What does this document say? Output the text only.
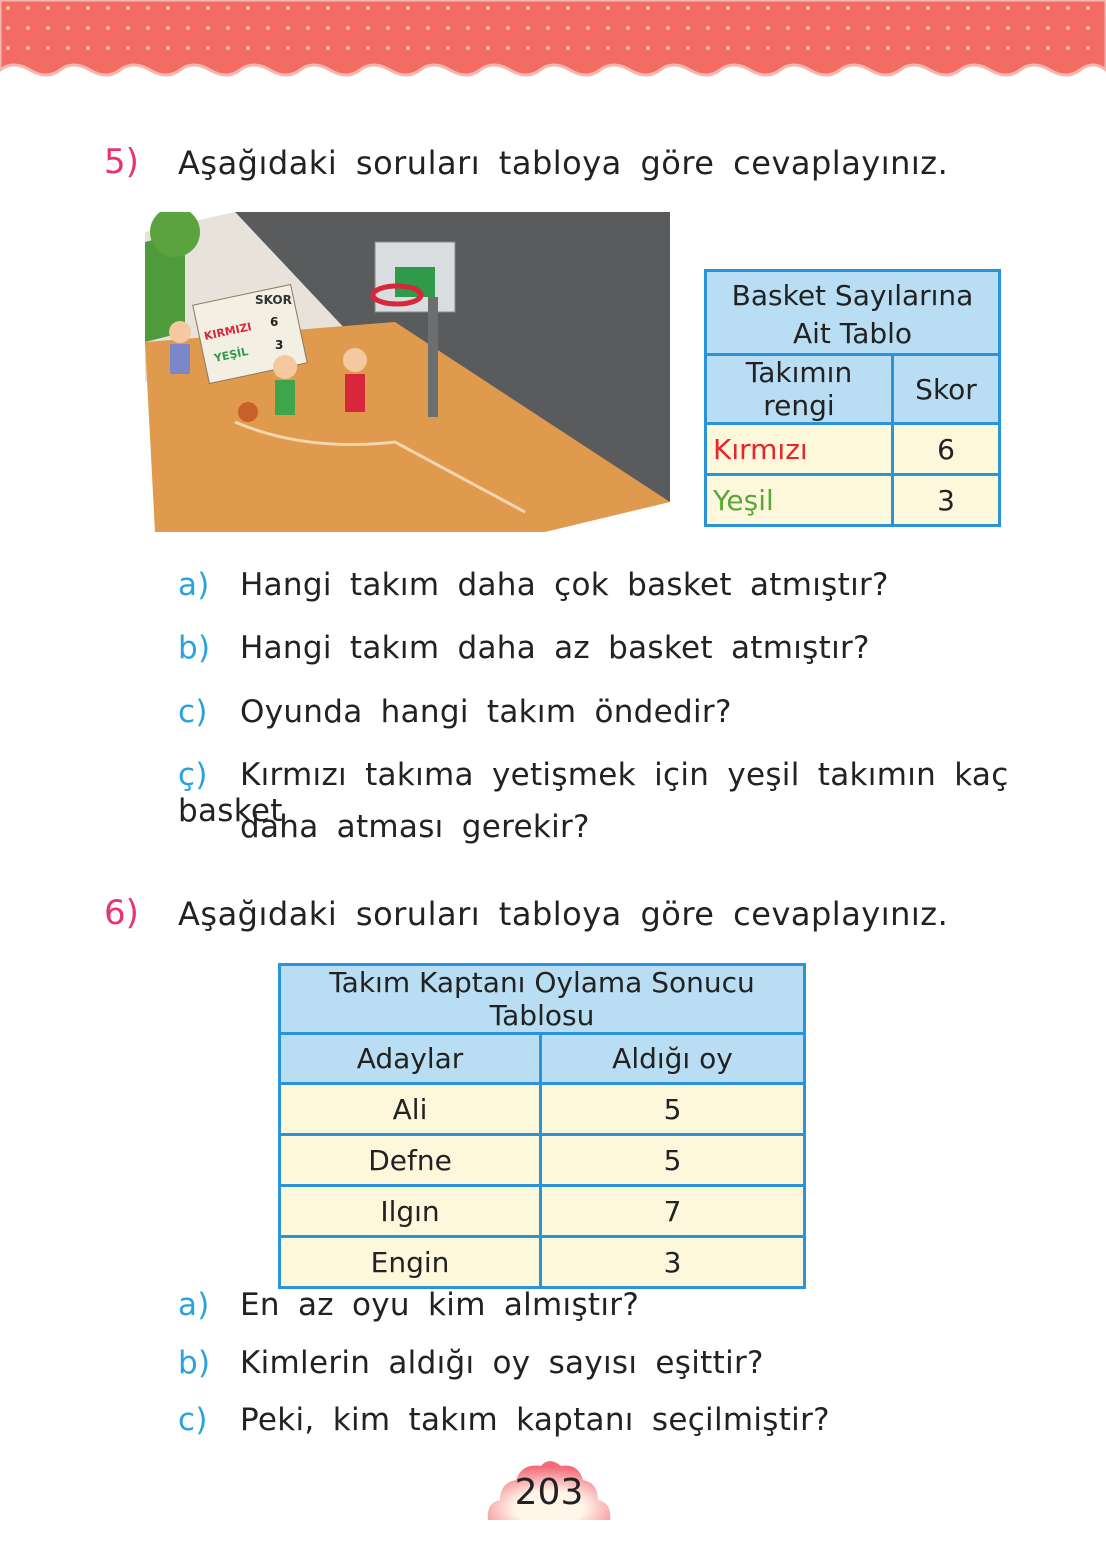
5) Aşağıdaki soruları tabloya göre cevaplayınız.
SKOR
KIRMIZI 6
YEŞİL
3
Basket Sayılarına
Ait Tablo	

Takımın rengi	Skor
Kırmızı	6
Yeşil	3
a) Hangi takım daha çok basket atmıştır?
b) Hangi takım daha az basket atmıştır?
c) Oyunda hangi takım öndedir?
ç) Kırmızı takıma yetişmek için yeşil takımın kaç basket
daha atması gerekir?
6) Aşağıdaki soruları tabloya göre cevaplayınız.
Takım Kaptanı Oylama Sonucu Tablosu	
Adaylar	Aldığı oy
Ali	5
Defne	5
Ilgın	7
Engin	3
a) En az oyu kim almıştır?
b) Kimlerin aldığı oy sayısı eşittir?
c) Peki, kim takım kaptanı seçilmiştir?
203
